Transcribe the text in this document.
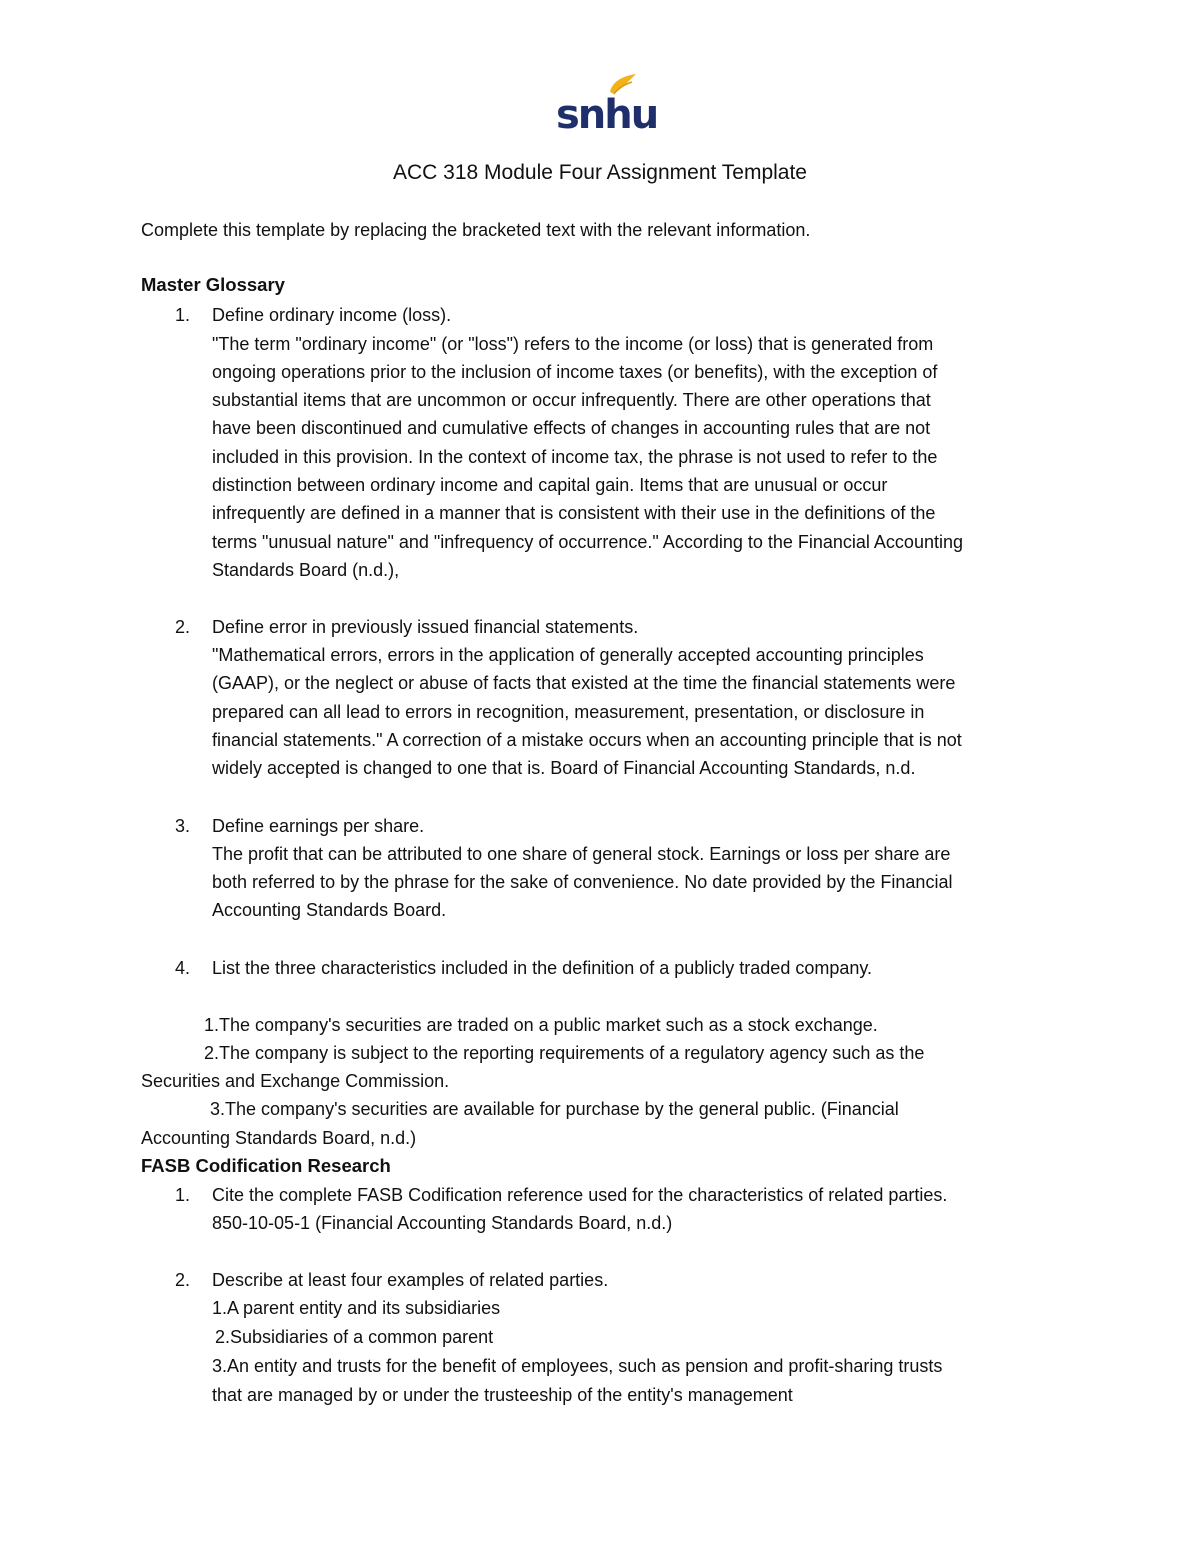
snhu
ACC 318 Module Four Assignment Template
Complete this template by replacing the bracketed text with the relevant information.
Master Glossary
1. Define ordinary income (loss).
"The term "ordinary income" (or "loss") refers to the income (or loss) that is generated from
ongoing operations prior to the inclusion of income taxes (or benefits), with the exception of
substantial items that are uncommon or occur infrequently. There are other operations that
have been discontinued and cumulative effects of changes in accounting rules that are not
included in this provision. In the context of income tax, the phrase is not used to refer to the
distinction between ordinary income and capital gain. Items that are unusual or occur
infrequently are defined in a manner that is consistent with their use in the definitions of the
terms "unusual nature" and "infrequency of occurrence." According to the Financial Accounting
Standards Board (n.d.),
2. Define error in previously issued financial statements.
"Mathematical errors, errors in the application of generally accepted accounting principles
(GAAP), or the neglect or abuse of facts that existed at the time the financial statements were
prepared can all lead to errors in recognition, measurement, presentation, or disclosure in
financial statements." A correction of a mistake occurs when an accounting principle that is not
widely accepted is changed to one that is. Board of Financial Accounting Standards, n.d.
3. Define earnings per share.
The profit that can be attributed to one share of general stock. Earnings or loss per share are
both referred to by the phrase for the sake of convenience. No date provided by the Financial
Accounting Standards Board.
4. List the three characteristics included in the definition of a publicly traded company.
1.The company's securities are traded on a public market such as a stock exchange.
2.The company is subject to the reporting requirements of a regulatory agency such as the
Securities and Exchange Commission.
3.The company's securities are available for purchase by the general public. (Financial
Accounting Standards Board, n.d.)
FASB Codification Research
1. Cite the complete FASB Codification reference used for the characteristics of related parties.
850-10-05-1 (Financial Accounting Standards Board, n.d.)
2. Describe at least four examples of related parties.
1.A parent entity and its subsidiaries
2.Subsidiaries of a common parent
3.An entity and trusts for the benefit of employees, such as pension and profit-sharing trusts
that are managed by or under the trusteeship of the entity's management
